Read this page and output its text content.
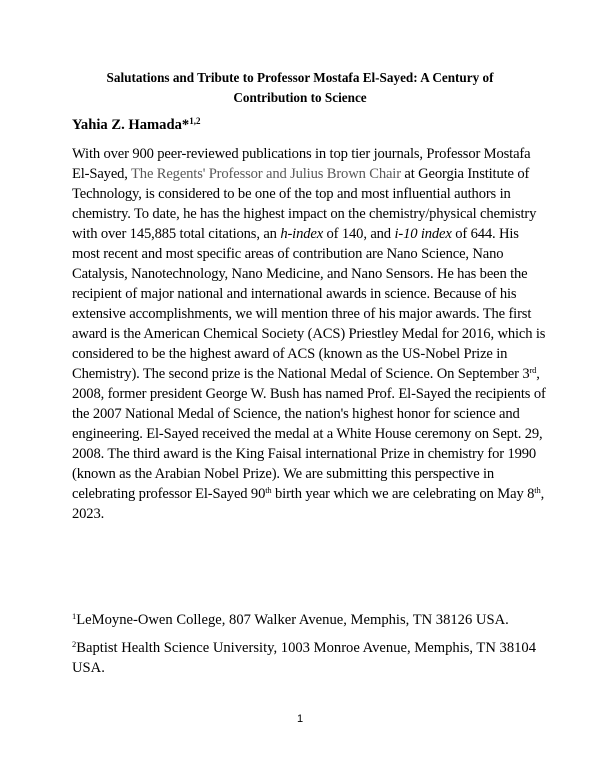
Salutations and Tribute to Professor Mostafa El-Sayed: A Century of
Contribution to Science
Yahia Z. Hamada*$^{1,2}$
With over 900 peer-reviewed publications in top tier journals, Professor Mostafa
El-Sayed, The Regents' Professor and Julius Brown Chair at Georgia Institute of
Technology, is considered to be one of the top and most influential authors in
chemistry. To date, he has the highest impact on the chemistry/physical chemistry
with over 145,885 total citations, an h-index of 140, and i-10 index of 644. His
most recent and most specific areas of contribution are Nano Science, Nano
Catalysis, Nanotechnology, Nano Medicine, and Nano Sensors. He has been the
recipient of major national and international awards in science. Because of his
extensive accomplishments, we will mention three of his major awards. The first
award is the American Chemical Society (ACS) Priestley Medal for 2016, which is
considered to be the highest award of ACS (known as the US-Nobel Prize in
Chemistry). The second prize is the National Medal of Science. On September 3rd,
2008, former president George W. Bush has named Prof. El-Sayed the recipients of
the 2007 National Medal of Science, the nation's highest honor for science and
engineering. El-Sayed received the medal at a White House ceremony on Sept. 29,
2008. The third award is the King Faisal international Prize in chemistry for 1990
(known as the Arabian Nobel Prize). We are submitting this perspective in
celebrating professor El-Sayed 90th birth year which we are celebrating on May 8th,
2023.
$^1$LeMoyne-Owen College, 807 Walker Avenue, Memphis, TN 38126 USA.
$^2$Baptist Health Science University, 1003 Monroe Avenue, Memphis, TN 38104
USA.
1
